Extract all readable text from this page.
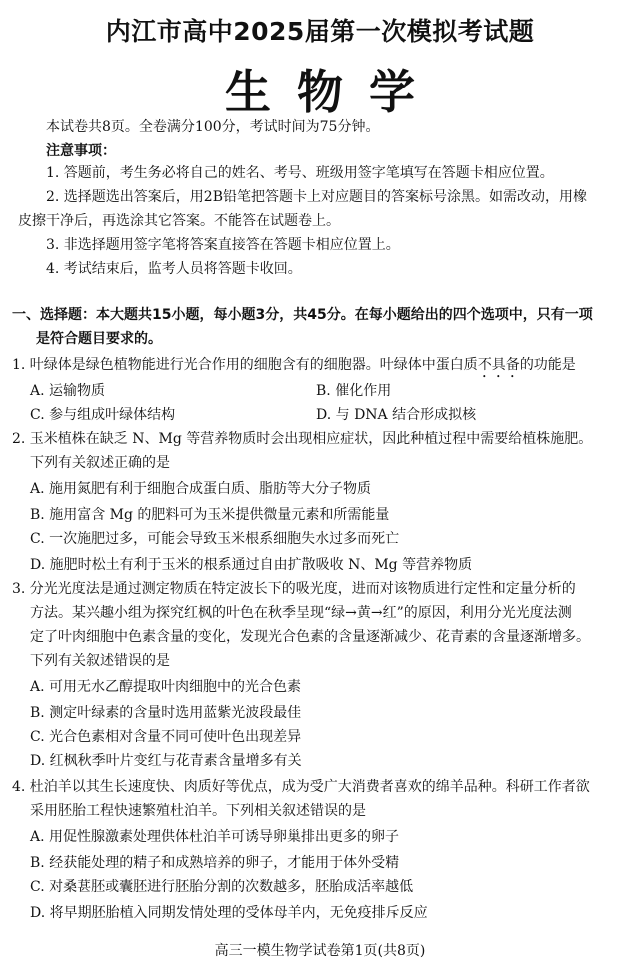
内江市高中2025届第一次模拟考试题
生物学
本试卷共8页。全卷满分100分，考试时间为75分钟。
注意事项：
1. 答题前，考生务必将自己的姓名、考号、班级用签字笔填写在答题卡相应位置。
2. 选择题选出答案后，用2B铅笔把答题卡上对应题目的答案标号涂黑。如需改动，用橡
皮擦干净后，再选涂其它答案。不能答在试题卷上。
3. 非选择题用签字笔将答案直接答在答题卡相应位置上。
4. 考试结束后，监考人员将答题卡收回。
一、选择题：本大题共15小题，每小题3分，共45分。在每小题给出的四个选项中，只有一项
是符合题目要求的。
1. 叶绿体是绿色植物能进行光合作用的细胞含有的细胞器。叶绿体中蛋白质不具备的功能是
A. 运输物质	B. 催化作用
C. 参与组成叶绿体结构	D. 与 DNA 结合形成拟核
2. 玉米植株在缺乏 N、Mg 等营养物质时会出现相应症状，因此种植过程中需要给植株施肥。
下列有关叙述正确的是
A. 施用氮肥有利于细胞合成蛋白质、脂肪等大分子物质
B. 施用富含 Mg 的肥料可为玉米提供微量元素和所需能量
C. 一次施肥过多，可能会导致玉米根系细胞失水过多而死亡
D. 施肥时松土有利于玉米的根系通过自由扩散吸收 N、Mg 等营养物质
3. 分光光度法是通过测定物质在特定波长下的吸光度，进而对该物质进行定性和定量分析的
方法。某兴趣小组为探究红枫的叶色在秋季呈现“绿→黄→红”的原因，利用分光光度法测
定了叶肉细胞中色素含量的变化，发现光合色素的含量逐渐减少、花青素的含量逐渐增多。
下列有关叙述错误的是
A. 可用无水乙醇提取叶肉细胞中的光合色素
B. 测定叶绿素的含量时选用蓝紫光波段最佳
C. 光合色素相对含量不同可使叶色出现差异
D. 红枫秋季叶片变红与花青素含量增多有关
4. 杜泊羊以其生长速度快、肉质好等优点，成为受广大消费者喜欢的绵羊品种。科研工作者欲
采用胚胎工程快速繁殖杜泊羊。下列相关叙述错误的是
A. 用促性腺激素处理供体杜泊羊可诱导卵巢排出更多的卵子
B. 经获能处理的精子和成熟培养的卵子，才能用于体外受精
C. 对桑葚胚或囊胚进行胚胎分割的次数越多，胚胎成活率越低
D. 将早期胚胎植入同期发情处理的受体母羊内，无免疫排斥反应
高三一模生物学试卷第1页(共8页)
